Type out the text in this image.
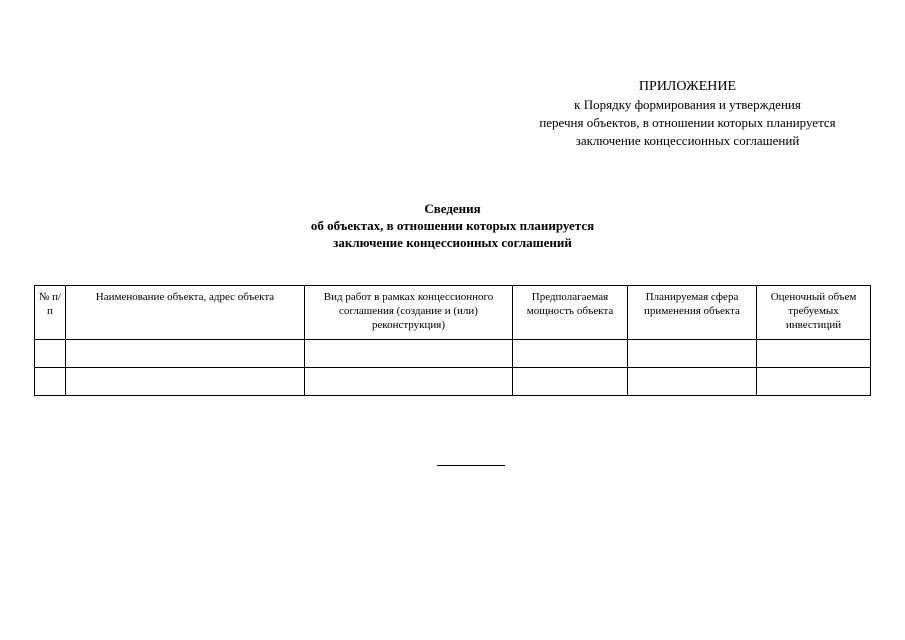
ПРИЛОЖЕНИЕ
к Порядку формирования и утверждения
перечня объектов, в отношении которых планируется
заключение концессионных соглашений
Сведения
об объектах, в отношении которых планируется
заключение концессионных соглашений
№ п/п	Наименование объекта, адрес объекта	Вид работ в рамках концессионного соглашения (создание и (или) реконструкция)	Предполагаемая мощность объекта	Планируемая сфера применения объекта	Оценочный объем требуемых инвестиций
